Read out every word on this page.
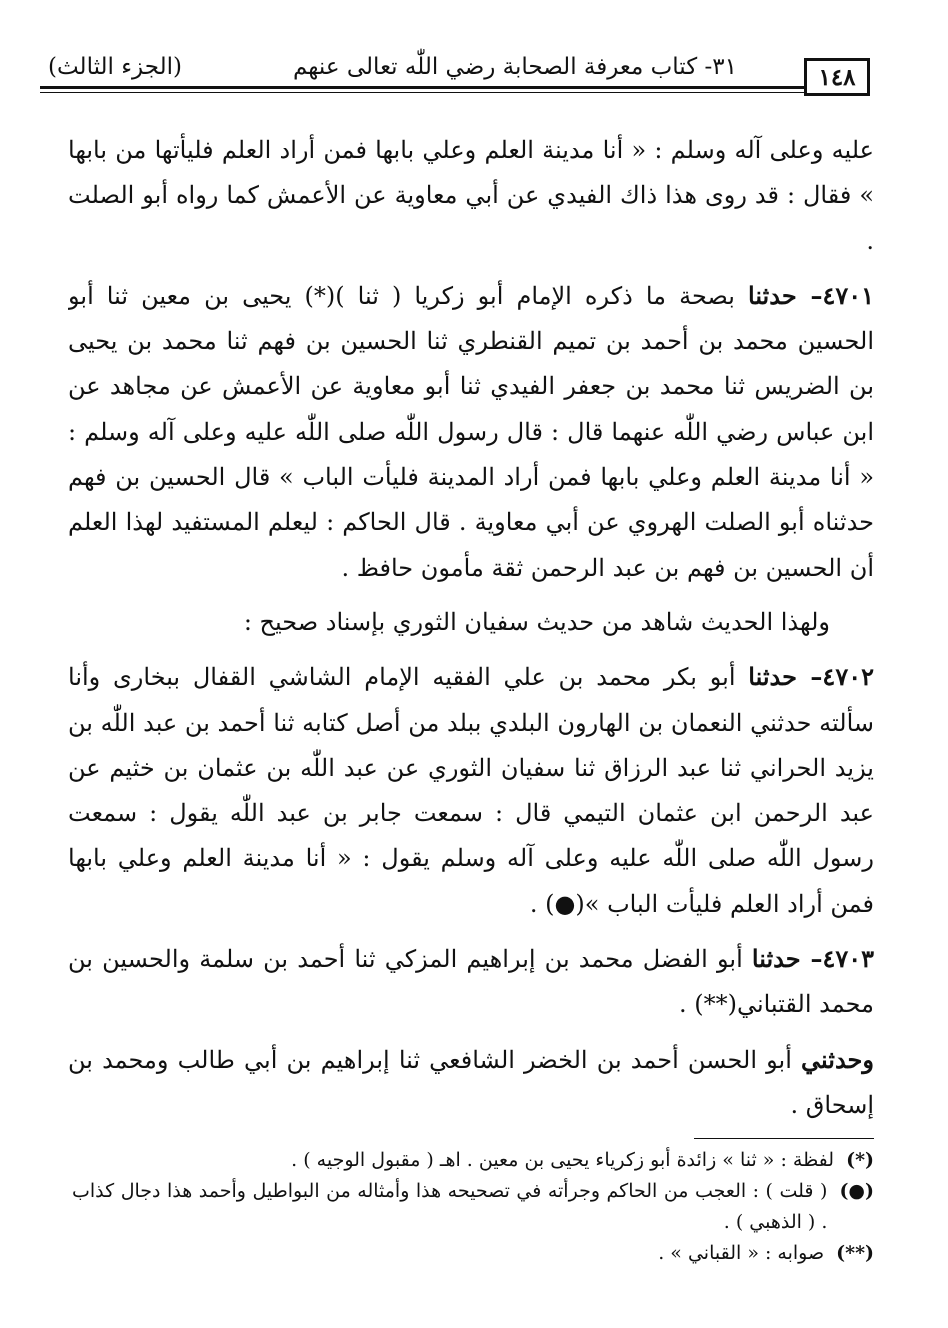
١٤٨
٣١- كتاب معرفة الصحابة رضي اللّٰه تعالى عنهم
(الجزء الثالث)

عليه وعلى آله وسلم : « أنا مدينة العلم وعلي بابها فمن أراد العلم فليأتها من بابها » فقال : قد روى هذا ذاك الفيدي عن أبي معاوية عن الأعمش كما رواه أبو الصلت .

٤٧٠١– حدثنا بصحة ما ذكره الإمام أبو زكريا ( ثنا )(*) يحيى بن معين ثنا أبو الحسين محمد بن أحمد بن تميم القنطري ثنا الحسين بن فهم ثنا محمد بن يحيى بن الضريس ثنا محمد بن جعفر الفيدي ثنا أبو معاوية عن الأعمش عن مجاهد عن ابن عباس رضي اللّٰه عنهما قال : قال رسول اللّٰه صلى اللّٰه عليه وعلى آله وسلم : « أنا مدينة العلم وعلي بابها فمن أراد المدينة فليأت الباب » قال الحسين بن فهم حدثناه أبو الصلت الهروي عن أبي معاوية . قال الحاكم : ليعلم المستفيد لهذا العلم أن الحسين بن فهم بن عبد الرحمن ثقة مأمون حافظ .

ولهذا الحديث شاهد من حديث سفيان الثوري بإسناد صحيح :

٤٧٠٢– حدثنا أبو بكر محمد بن علي الفقيه الإمام الشاشي القفال ببخارى وأنا سألته حدثني النعمان بن الهارون البلدي ببلد من أصل كتابه ثنا أحمد بن عبد اللّٰه بن يزيد الحراني ثنا عبد الرزاق ثنا سفيان الثوري عن عبد اللّٰه بن عثمان بن خثيم عن عبد الرحمن ابن عثمان التيمي قال : سمعت جابر بن عبد اللّٰه يقول : سمعت رسول اللّٰه صلى اللّٰه عليه وعلى آله وسلم يقول : « أنا مدينة العلم وعلي بابها فمن أراد العلم فليأت الباب »(●) .

٤٧٠٣– حدثنا أبو الفضل محمد بن إبراهيم المزكي ثنا أحمد بن سلمة والحسين بن محمد القتباني(**) .

وحدثني أبو الحسن أحمد بن الخضر الشافعي ثنا إبراهيم بن أبي طالب ومحمد بن إسحاق .

(*)
لفظة : « ثنا » زائدة أبو زكرياء يحيى بن معين . اهـ ( مقبول الوجيه ) .
(●)
( قلت ) : العجب من الحاكم وجرأته في تصحيحه هذا وأمثاله من البواطيل وأحمد هذا دجال كذاب . ( الذهبي ) .
(**)
صوابه : « القباني » .
